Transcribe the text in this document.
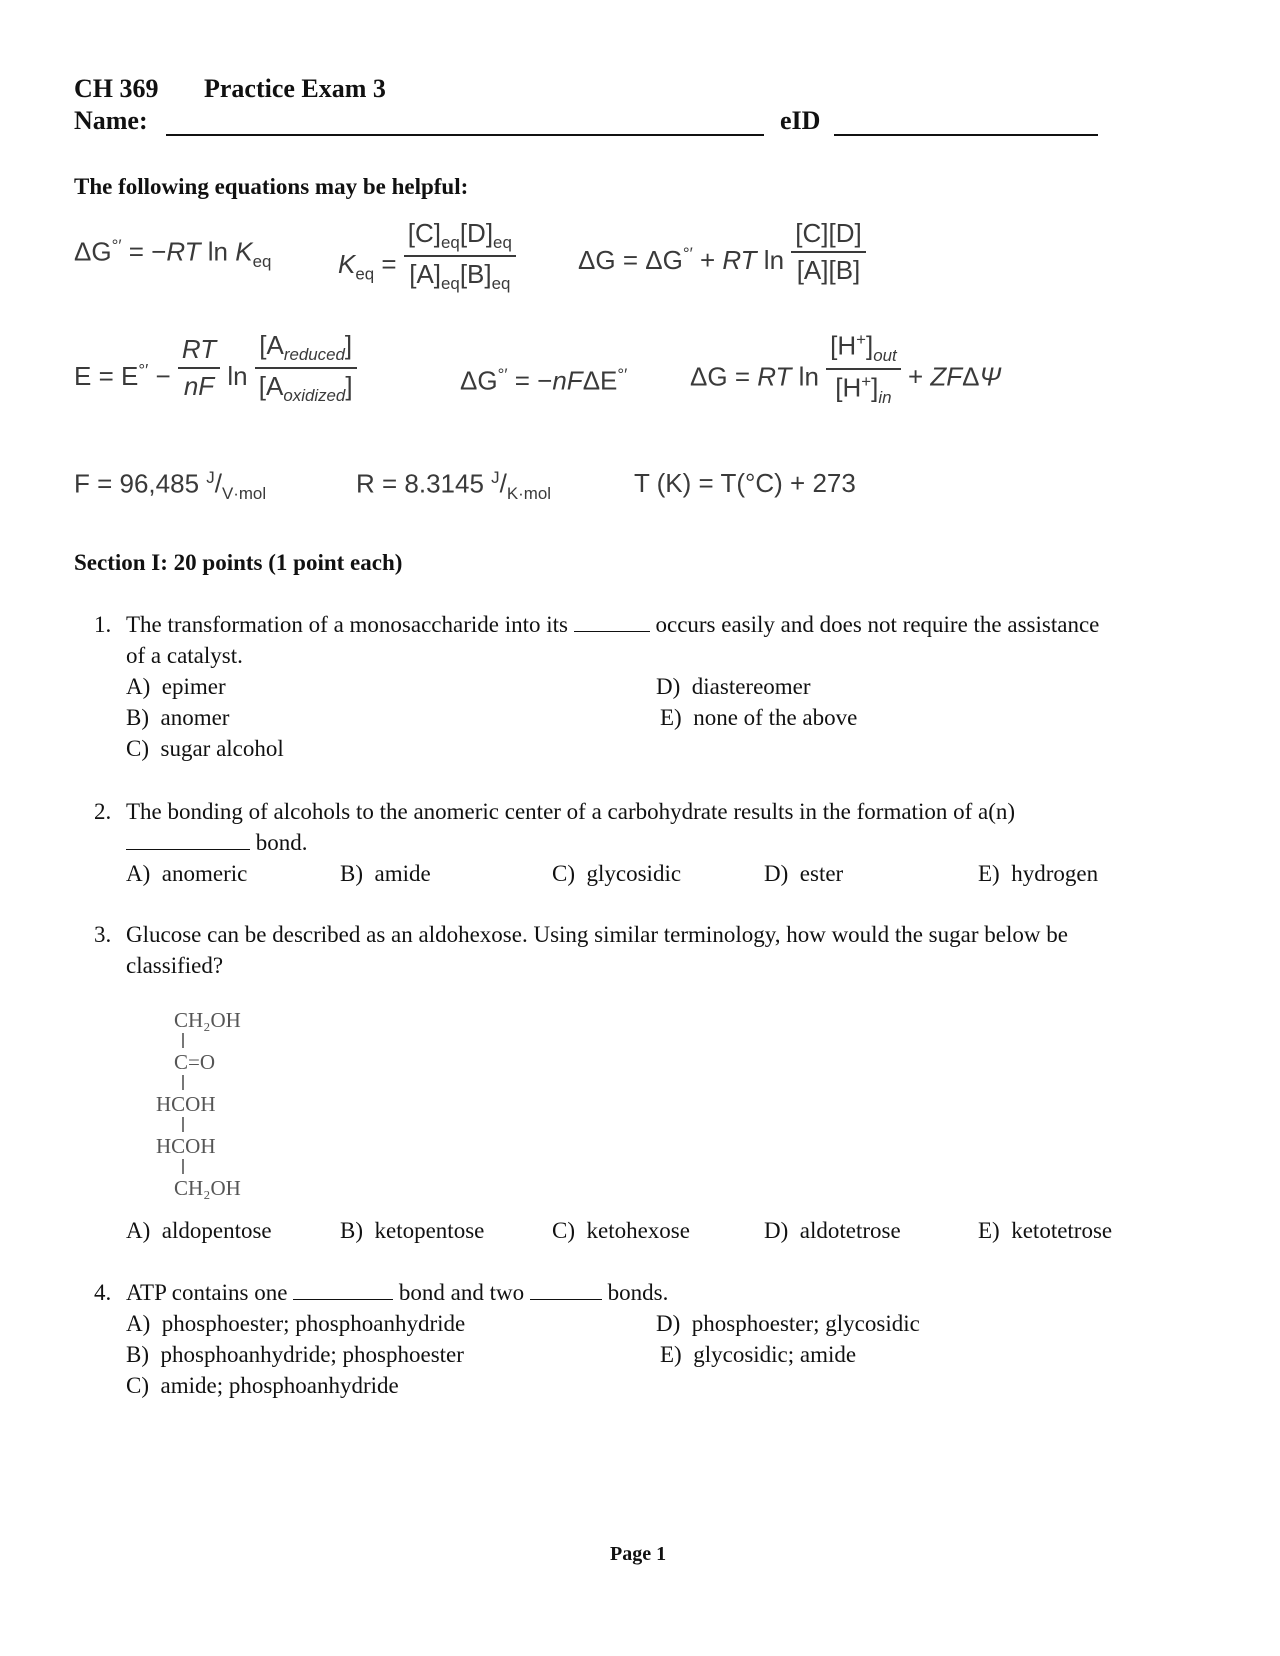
CH 369 Practice Exam 3
Name:	eID
The following equations may be helpful:
ΔG°′ = −RT $\ln K_{eq}$	$K_{eq} = \frac{[C]_{eq}[D]_{eq}}{[A]_{eq}[B]_{eq}}$ ΔG = ΔG°′ + RT $\ln \frac{[C][D]}{[A][B]}$
$E = E^{^\circ'} - \frac{RT}{nF}$ $\ln \frac{[A_{reduced}]}{[A_{oxidized}]}$	ΔG°′ = −nFΔE°′ ΔG = RT $\ln \frac{[H^+]_{out}}{[H^+]_{in}} + ZF\Delta\Psi$
F = 96,485 $^J/_{V\cdot mol}$	R = 8.3145 $^J/_{K\cdot mol}$	T (K) = T(°C) + 273
Section I: 20 points (1 point each)
1. The transformation of a monosaccharide into its	occurs easily and does not require the assistance
of a catalyst.
A) epimer
B) anomer
C) sugar alcohol
D) diastereomer
E) none of the above
2. The bonding of alcohols to the anomeric center of a carbohydrate results in the formation of a(n)
bond.
A) anomeric	B) amide	C) glycosidic	D) ester	E) hydrogen
3. Glucose can be described as an aldohexose. Using similar terminology, how would the sugar below be
classified?
CH₂OH
C=O
HCOH
HCOH
CH₂OH
A) aldopentose	B) ketopentose	C) ketohexose	D) aldotetrose	E) ketotetrose
4. ATP contains one	bond and two	bonds.
A) phosphoester; phosphoanhydride
B) phosphoanhydride; phosphoester
C) amide; phosphoanhydride
D) phosphoester; glycosidic
E) glycosidic; amide
Page 1
